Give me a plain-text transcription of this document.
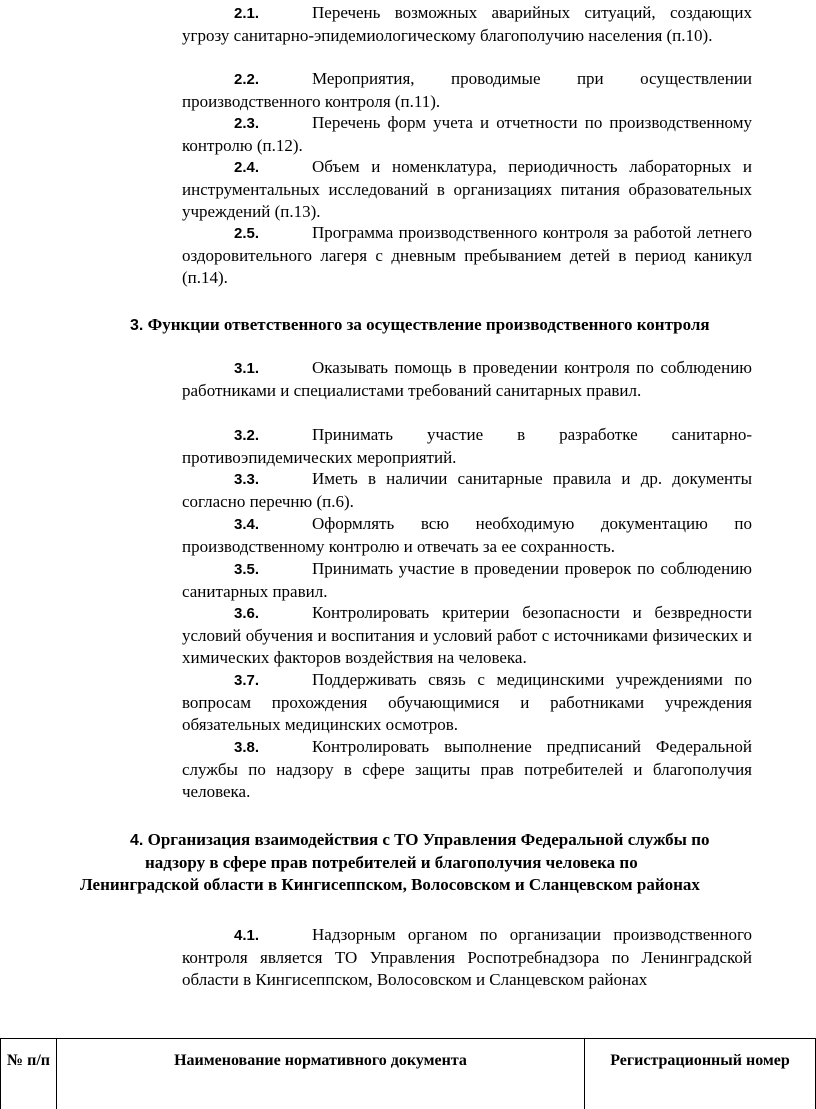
2.1.	Перечень возможных аварийных ситуаций, создающих угрозу санитарно-эпидемиологическому благополучию населения (п.10).
2.2.	Мероприятия, проводимые при осуществлении производственного контроля (п.11).
2.3.	Перечень форм учета и отчетности по производственному контролю (п.12).
2.4.	Объем и номенклатура, периодичность лабораторных и инструментальных исследований в организациях питания образовательных учреждений (п.13).
2.5.	Программа производственного контроля за работой летнего оздоровительного лагеря с дневным пребыванием детей в период каникул (п.14).
3. Функции ответственного за осуществление производственного контроля
3.1.	Оказывать помощь в проведении контроля по соблюдению работниками и специалистами требований санитарных правил.
3.2.	Принимать участие в разработке санитарно-противоэпидемических мероприятий.
3.3.	Иметь в наличии санитарные правила и др. документы согласно перечню (п.6).
3.4.	Оформлять всю необходимую документацию по производственному контролю и отвечать за ее сохранность.
3.5.	Принимать участие в проведении проверок по соблюдению санитарных правил.
3.6.	Контролировать критерии безопасности и безвредности условий обучения и воспитания и условий работ с источниками физических и химических факторов воздействия на человека.
3.7.	Поддерживать связь с медицинскими учреждениями по вопросам прохождения обучающимися и работниками учреждения обязательных медицинских осмотров.
3.8.	Контролировать выполнение предписаний Федеральной службы по надзору в сфере защиты прав потребителей и благополучия человека.
4. Организация взаимодействия с ТО Управления Федеральной службы по
надзору в сфере прав потребителей и благополучия человека по
Ленинградской области в Кингисеппском, Волосовском и Сланцевском районах
4.1.	Надзорным органом по организации производственного контроля является ТО Управления Роспотребнадзора по Ленинградской области в Кингисеппском, Волосовском и Сланцевском районах
№ п/п	Наименование нормативного документа	Регистрационный номер
